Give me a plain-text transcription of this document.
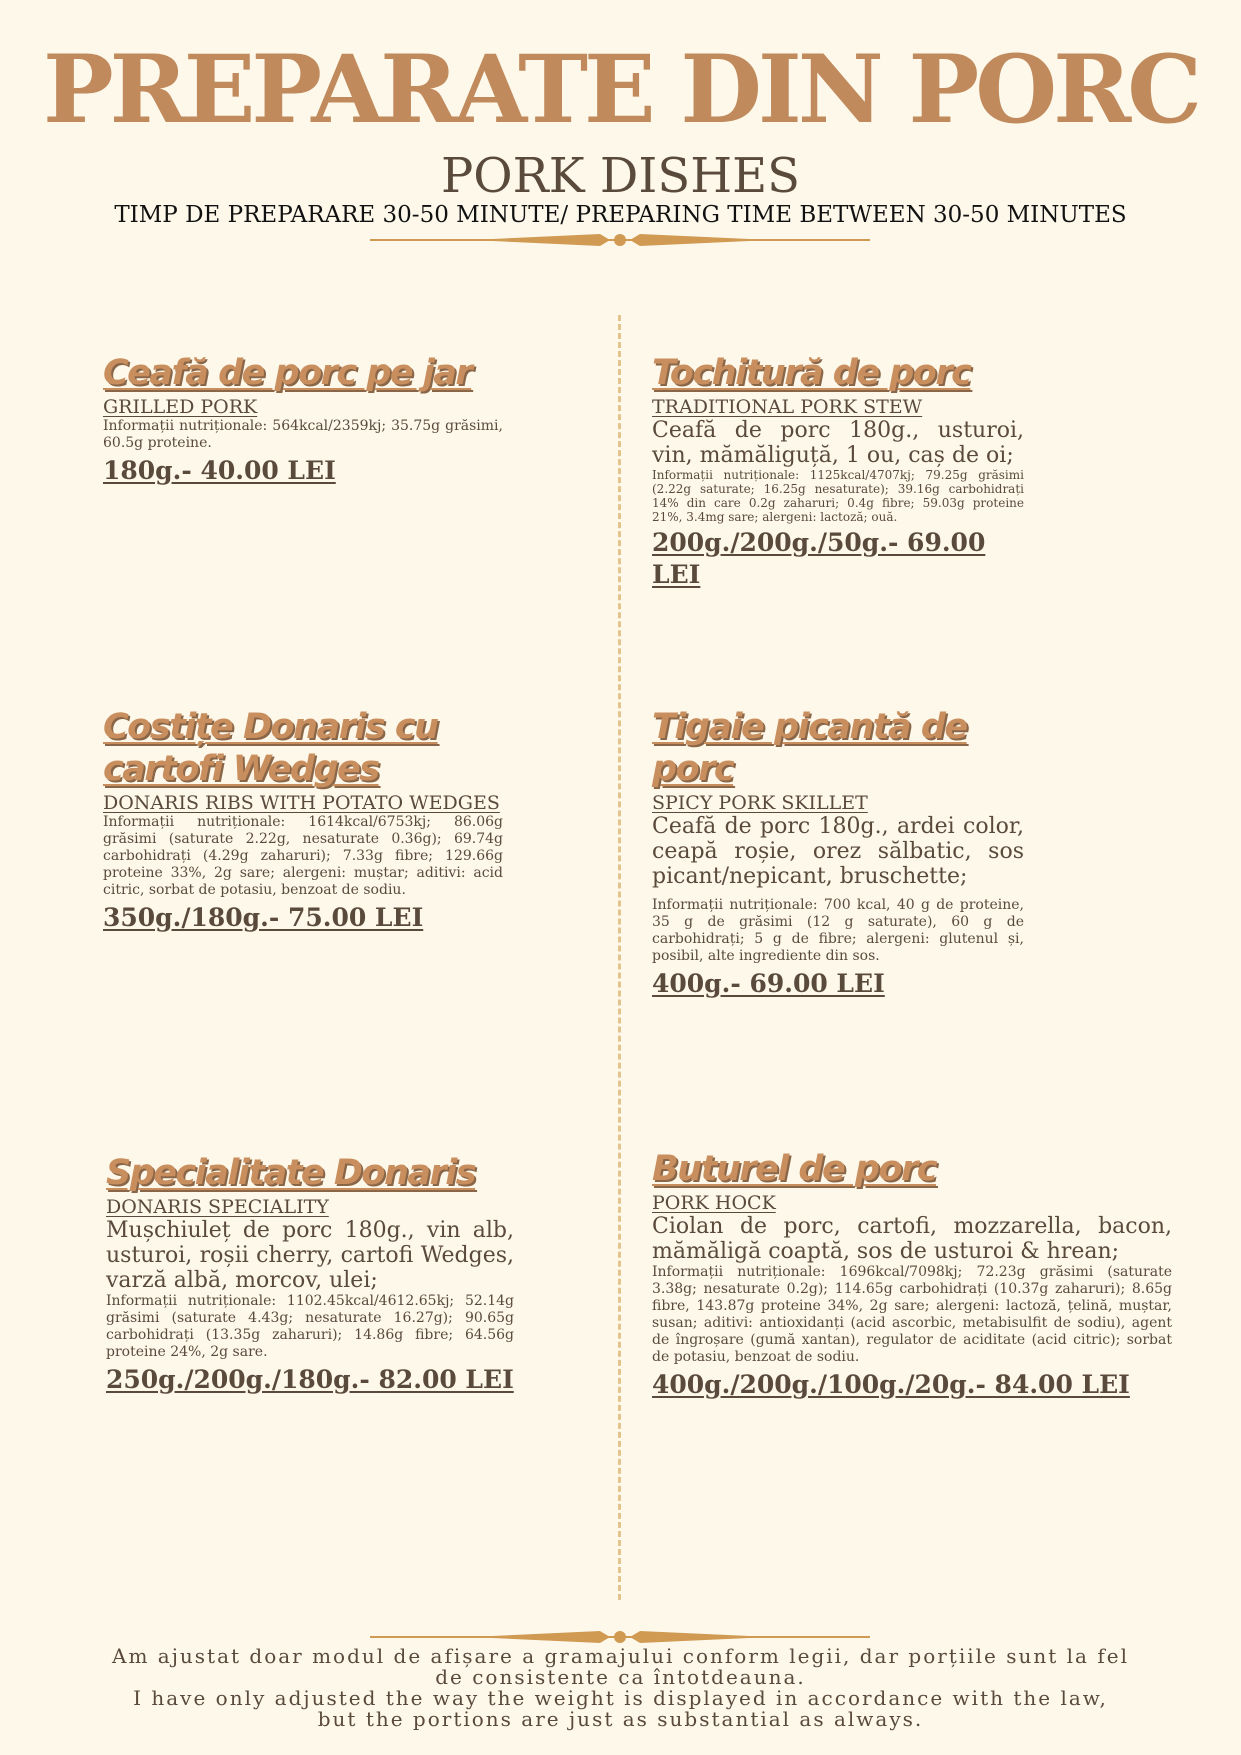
PREPARATE DIN PORC
PORK DISHES
TIMP DE PREPARARE 30-50 MINUTE/ PREPARING TIME BETWEEN 30-50 MINUTES
Ceafă de porc pe jar
GRILLED PORK
Informații nutriționale: 564kcal/2359kj; 35.75g grăsimi, 60.5g proteine.
180g.- 40.00 LEI
Tochitură de porc
TRADITIONAL PORK STEW
Ceafă de porc 180g., usturoi, vin, mămăliguță, 1 ou, caș de oi;
Informații nutriționale: 1125kcal/4707kj; 79.25g grăsimi (2.22g saturate; 16.25g nesaturate); 39.16g carbohidrați 14% din care 0.2g zaharuri; 0.4g fibre; 59.03g proteine 21%, 3.4mg sare; alergeni: lactoză; ouă.
200g./200g./50g.- 69.00 LEI
Costițe Donaris cu cartofi Wedges
DONARIS RIBS WITH POTATO WEDGES
Informații nutriționale: 1614kcal/6753kj; 86.06g grăsimi (saturate 2.22g, nesaturate 0.36g); 69.74g carbohidrați (4.29g zaharuri); 7.33g fibre; 129.66g proteine 33%, 2g sare; alergeni: muștar; aditivi: acid citric, sorbat de potasiu, benzoat de sodiu.
350g./180g.- 75.00 LEI
Tigaie picantă de porc
SPICY PORK SKILLET
Ceafă de porc 180g., ardei color, ceapă roșie, orez sălbatic, sos picant/nepicant, bruschette;
Informații nutriționale: 700 kcal, 40 g de proteine, 35 g de grăsimi (12 g saturate), 60 g de carbohidrați; 5 g de fibre; alergeni: glutenul și, posibil, alte ingrediente din sos.
400g.- 69.00 LEI
Specialitate Donaris
DONARIS SPECIALITY
Mușchiuleț de porc 180g., vin alb, usturoi, roșii cherry, cartofi Wedges, varză albă, morcov, ulei;
Informații nutriționale: 1102.45kcal/4612.65kj; 52.14g grăsimi (saturate 4.43g; nesaturate 16.27g); 90.65g carbohidrați (13.35g zaharuri); 14.86g fibre; 64.56g proteine 24%, 2g sare.
250g./200g./180g.- 82.00 LEI
Buturel de porc
PORK HOCK
Ciolan de porc, cartofi, mozzarella, bacon, mămăligă coaptă, sos de usturoi & hrean;
Informații nutriționale: 1696kcal/7098kj; 72.23g grăsimi (saturate 3.38g; nesaturate 0.2g); 114.65g carbohidrați (10.37g zaharuri); 8.65g fibre, 143.87g proteine 34%, 2g sare; alergeni: lactoză, țelină, muștar, susan; aditivi: antioxidanți (acid ascorbic, metabisulfit de sodiu), agent de îngroșare (gumă xantan), regulator de aciditate (acid citric); sorbat de potasiu, benzoat de sodiu.
400g./200g./100g./20g.- 84.00 LEI
Am ajustat doar modul de afișare a gramajului conform legii, dar porțiile sunt la fel
de consistente ca întotdeauna.
I have only adjusted the way the weight is displayed in accordance with the law,
but the portions are just as substantial as always.
